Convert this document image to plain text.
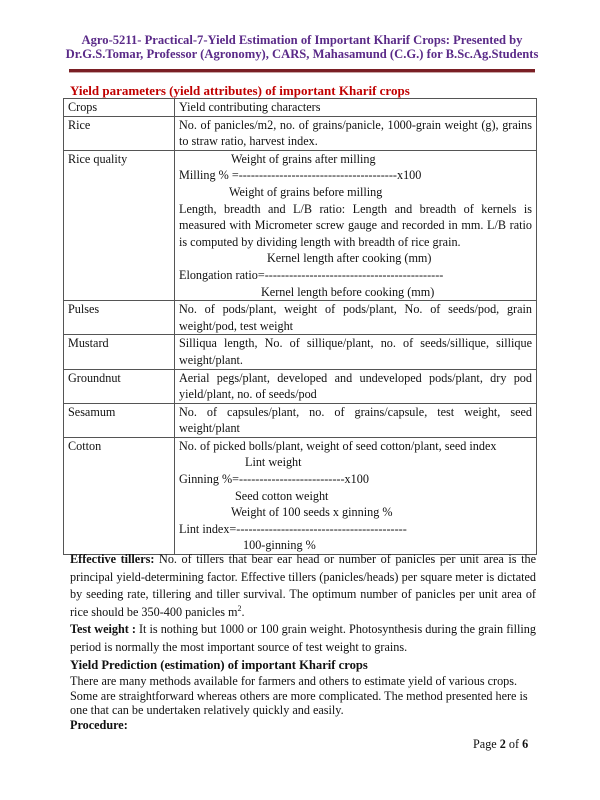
Agro-5211- Practical-7-Yield Estimation of Important Kharif Crops: Presented by
Dr.G.S.Tomar, Professor (Agronomy), CARS, Mahasamund (C.G.) for B.Sc.Ag.Students
Yield parameters (yield attributes) of important Kharif crops
Crops	Yield contributing characters
Rice	No. of panicles/m2, no. of grains/panicle, 1000-grain weight (g), grains to straw ratio, harvest index.
Rice quality	Weight of grains after milling
Milling % =---------------------------------------x100
Weight of grains before milling
Length, breadth and L/B ratio: Length and breadth of kernels is measured with Micrometer screw gauge and recorded in mm. L/B ratio is computed by dividing length with breadth of rice grain.
Kernel length after cooking (mm)
Elongation ratio=--------------------------------------------
Kernel length before cooking (mm)

Pulses	No. of pods/plant, weight of pods/plant, No. of seeds/pod, grain weight/pod, test weight
Mustard	Silliqua length, No. of sillique/plant, no. of seeds/sillique, sillique weight/plant.
Groundnut	Aerial pegs/plant, developed and undeveloped pods/plant, dry pod yield/plant, no. of seeds/pod
Sesamum	No. of capsules/plant, no. of grains/capsule, test weight, seed weight/plant
Cotton	No. of picked bolls/plant, weight of seed cotton/plant, seed index
Lint weight
Ginning %=--------------------------x100
Seed cotton weight
Weight of 100 seeds x ginning %
Lint index=------------------------------------------
100-ginning %
Effective tillers: No. of tillers that bear ear head or number of panicles per unit area is the principal yield-determining factor. Effective tillers (panicles/heads) per square meter is dictated by seeding rate, tillering and tiller survival. The optimum number of panicles per unit area of rice should be 350-400 panicles $m^2$.
Test weight : It is nothing but 1000 or 100 grain weight. Photosynthesis during the grain filling period is normally the most important source of test weight to grains.
Yield Prediction (estimation) of important Kharif crops
There are many methods available for farmers and others to estimate yield of various crops.
Some are straightforward whereas others are more complicated. The method presented here is
one that can be undertaken relatively quickly and easily.
Procedure:
Page 2 of 6
